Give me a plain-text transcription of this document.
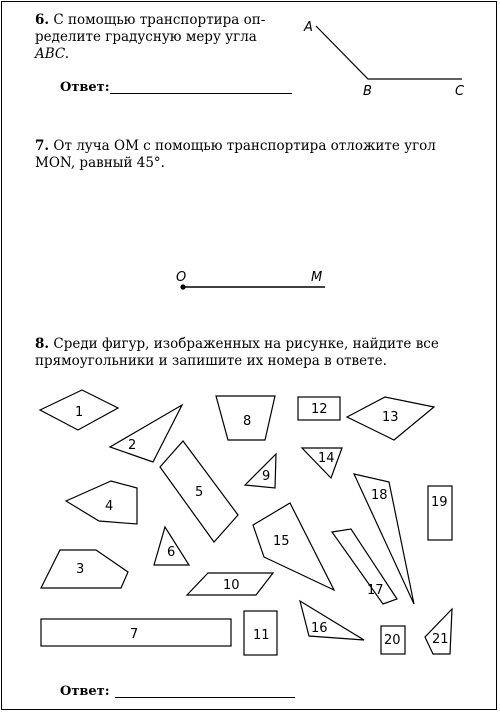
6. С помощью транспортира оп-
ределите градусную меру угла
ABC.
Ответ:
7. От луча OM с помощью транспортира отложите угол
MON, равный 45°.
8. Среди фигур, изображенных на рисунке, найдите все
прямоугольники и запишите их номера в ответе.
Ответ:
A
B	C
O	M
1
2
3
4
5
6
7
8
9
10
11
12
13
14
15
16
17
18	19
20 21
